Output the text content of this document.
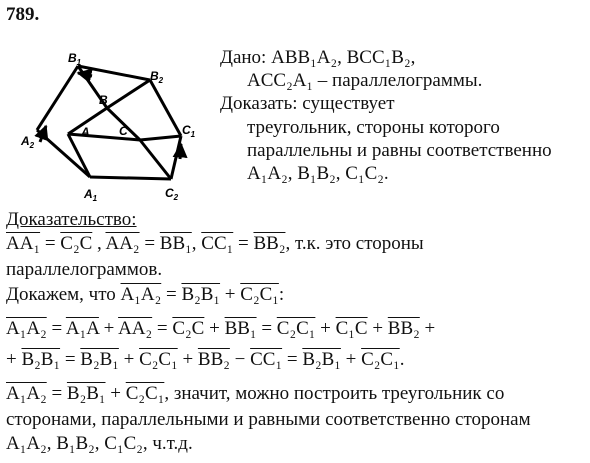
789.
$B_1$
$B_2$
B
A C
$A_2$
$C_1$
$A_1$	$C_2$
Дано: ABB₁A₂, BCC₁B₂,
ACC₂A₁ – параллелограммы.
Доказать: существует
треугольник, стороны которого
параллельны и равны соответственно
A₁A₂, B₁B₂, C₁C₂.
Доказательство:
AA₁ = C₂C , AA₂ = BB₁, CC₁ = BB₂, т.к. это стороны
параллелограммов.
Докажем, что A₁A₂ = B₂B₁ + C₂C₁:
A₁A₂ = A₁A + AA₂ = C₂C + BB₁ = C₂C₁ + C₁C + BB₂ +
+ B₂B₁ = B₂B₁ + C₂C₁ + BB₂ − CC₁ = B₂B₁ + C₂C₁.
A₁A₂ = B₂B₁ + C₂C₁, значит, можно построить треугольник со
сторонами, параллельными и равными соответственно сторонам
A₁A₂, B₁B₂, C₁C₂, ч.т.д.
